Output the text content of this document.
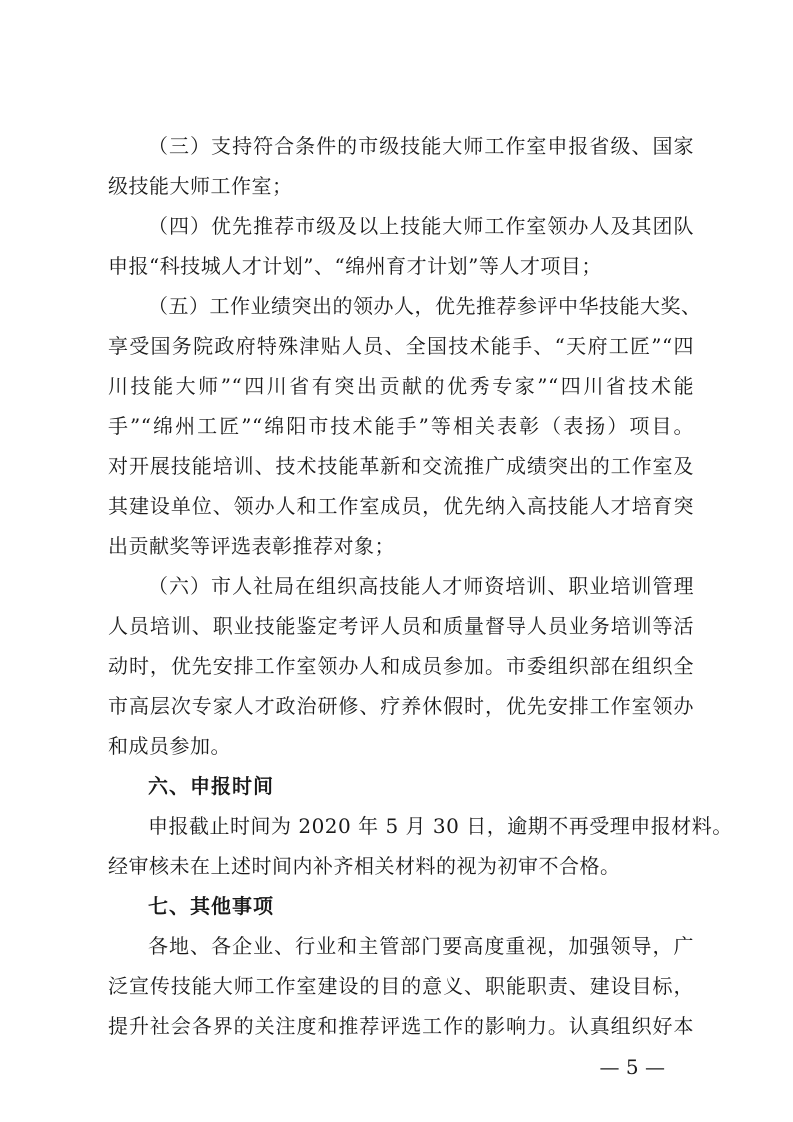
（三）支持符合条件的市级技能大师工作室申报省级、国家
级技能大师工作室；
（四）优先推荐市级及以上技能大师工作室领办人及其团队
申报“科技城人才计划”、“绵州育才计划”等人才项目；
（五）工作业绩突出的领办人，优先推荐参评中华技能大奖、
享受国务院政府特殊津贴人员、全国技术能手、“天府工匠”“四
川技能大师”“四川省有突出贡献的优秀专家”“四川省技术能
手”“绵州工匠”“绵阳市技术能手”等相关表彰（表扬）项目。
对开展技能培训、技术技能革新和交流推广成绩突出的工作室及
其建设单位、领办人和工作室成员，优先纳入高技能人才培育突
出贡献奖等评选表彰推荐对象；
（六）市人社局在组织高技能人才师资培训、职业培训管理
人员培训、职业技能鉴定考评人员和质量督导人员业务培训等活
动时，优先安排工作室领办人和成员参加。市委组织部在组织全
市高层次专家人才政治研修、疗养休假时，优先安排工作室领办
和成员参加。
六、申报时间
申报截止时间为 2020 年 5 月 30 日，逾期不再受理申报材料。
经审核未在上述时间内补齐相关材料的视为初审不合格。
七、其他事项
各地、各企业、行业和主管部门要高度重视，加强领导，广
泛宣传技能大师工作室建设的目的意义、职能职责、建设目标，
提升社会各界的关注度和推荐评选工作的影响力。认真组织好本
— 5 —
